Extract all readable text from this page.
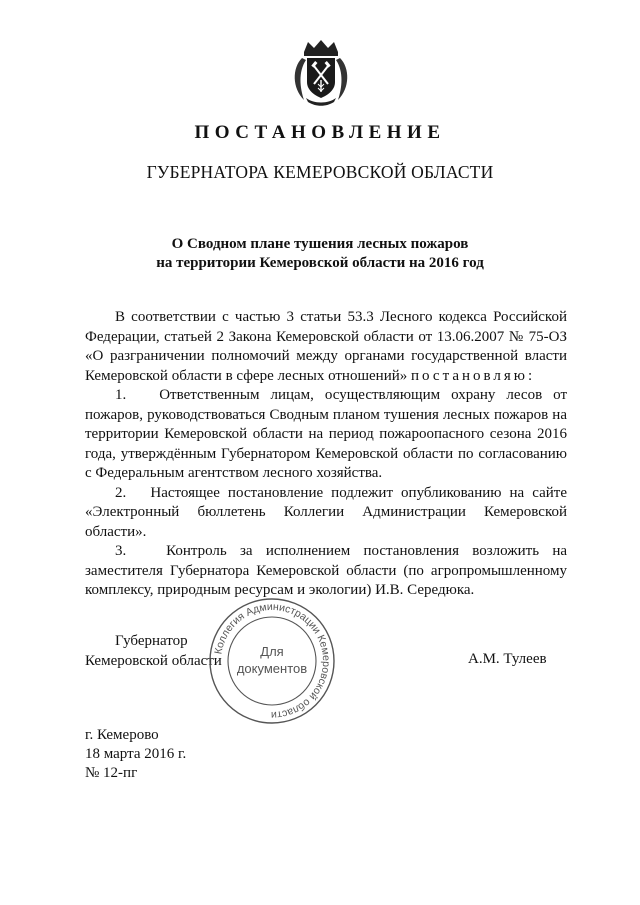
ПОСТАНОВЛЕНИЕ
ГУБЕРНАТОРА КЕМЕРОВСКОЙ ОБЛАСТИ
О Сводном плане тушения лесных пожаров
на территории Кемеровской области на 2016 год

В соответствии с частью 3 статьи 53.3 Лесного кодекса Российской Федерации, статьей 2 Закона Кемеровской области от 13.06.2007 № 75-ОЗ «О разграничении полномочий между органами государственной власти Кемеровской области в сфере лесных отношений» постановляю:

1.   Ответственным лицам, осуществляющим охрану лесов от пожаров, руководствоваться Сводным планом тушения лесных пожаров на территории Кемеровской области на период пожароопасного сезона 2016 года, утверждённым Губернатором Кемеровской области по согласованию с Федеральным агентством лесного хозяйства.

2.   Настоящее постановление подлежит опубликованию на сайте «Электронный бюллетень Коллегии Администрации Кемеровской области».

3.   Контроль за исполнением постановления возложить на заместителя Губернатора Кемеровской области (по агропромышленному комплексу, природным ресурсам и экологии) И.В. Середюка.

Губернатор
Кемеровской области
Коллегия Администрации Кемеровской области
Для
документов
А.М. Тулеев
г. Кемерово
18 марта 2016 г.
№ 12-пг
